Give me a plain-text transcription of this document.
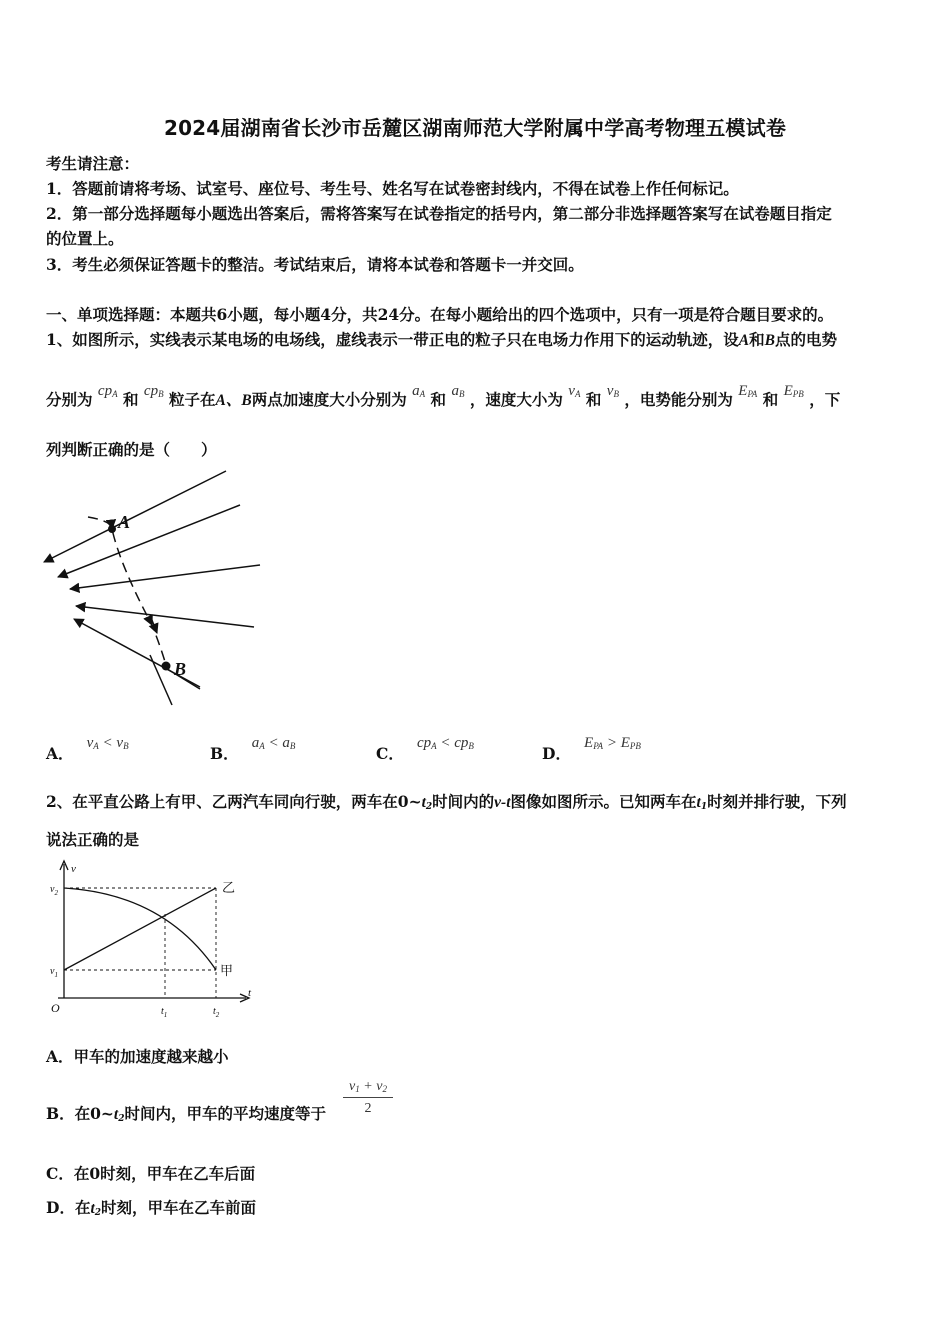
2024届湖南省长沙市岳麓区湖南师范大学附属中学高考物理五模试卷
考生请注意：
1．答题前请将考场、试室号、座位号、考生号、姓名写在试卷密封线内，不得在试卷上作任何标记。
2．第一部分选择题每小题选出答案后，需将答案写在试卷指定的括号内，第二部分非选择题答案写在试卷题目指定
的位置上。
3．考生必须保证答题卡的整洁。考试结束后，请将本试卷和答题卡一并交回。
一、单项选择题：本题共6小题，每小题4分，共24分。在每小题给出的四个选项中，只有一项是符合题目要求的。
1、如图所示，实线表示某电场的电场线，虚线表示一带正电的粒子只在电场力作用下的运动轨迹，设A和B点的电势
分别为 $cp_A$ 和 $cp_B$ 粒子在A、B两点加速度大小分别为 $a_A$ 和 $a_B$ ，速度大小为 $v_A$ 和 $v_B$ ，电势能分别为 $E_{PA}$ 和 $E_{PB}$ ，下
列判断正确的是（　　）
A
B
A． $v_A < v_B$	B． $a_A < a_B$	C． $cp_A < cp_B$	D． $E_{PA} > E_{PB}$
2、在平直公路上有甲、乙两汽车同向行驶，两车在$0\sim t_2$时间内的v-t图像如图所示。已知两车在$t_1$时刻并排行驶，下列
说法正确的是
v
t
O
$v_2$
$v_1$
$t_1$	$t_2$
乙
甲
A．甲车的加速度越来越小
B．在$0\sim t_2$时间内，甲车的平均速度等于
$v_1 + v_2$
2
C．在0时刻，甲车在乙车后面
D．在$t_2$时刻，甲车在乙车前面
